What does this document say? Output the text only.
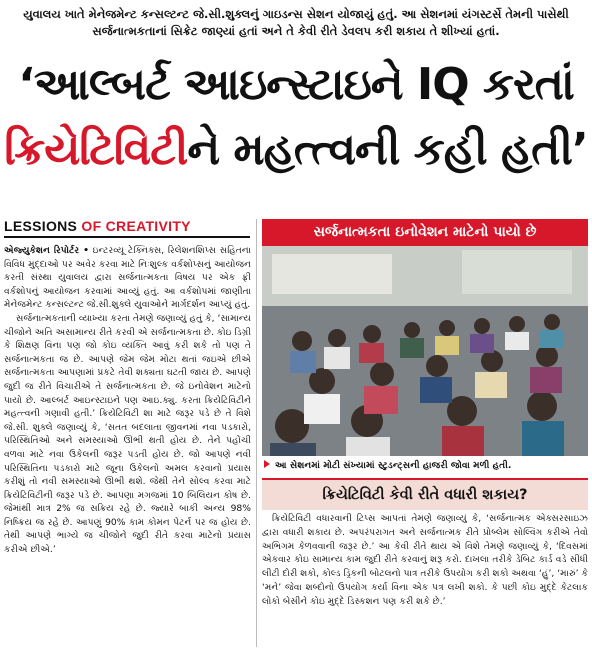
યુવાલય ખાતે મેનેજમેન્ટ કન્સલ્ટન્ટ જે.સી.શુક્લનું ગાઇડન્સ સેશન યોજાયું હતું. આ સેશનમાં યંગસ્ટર્સે તેમની પાસેથી સર્જનાત્મકતાનાં સિક્રેટ જાણ્યાં હતાં અને તે કેવી રીતે ડેવલપ કરી શકાય તે શીખ્યાં હતાં.
‘આલ્બર્ટ આઇન્સ્ટાઇને IQ કરતાં
ક્રિયેટિવિટીને મહત્ત્વની કહી હતી’
LESSIONS OF CREATIVITY

એજ્યુકેશન રિપોર્ટર • ઇન્ટરવ્યૂ ટેક્નિક્સ, રિલેશનશિપ્સ સહિતના વિવિધ મુદ્દાઓ પર અવેર કરવા માટે નિઃશુલ્ક વર્કશોપ્સનું આયોજન કરતી સંસ્થા યુવાલય દ્વારા સર્જનાત્મકતા વિષય પર એક ફ્રી વર્કશોપનું આયોજન કરવામાં આવ્યું હતું. આ વર્કશોપમાં જાણીતા મેનેજમેન્ટ કન્સલ્ટન્ટ જે.સી.શુક્લે યુવાઓને માર્ગદર્શન આપ્યું હતું.

સર્જનાત્મકતાની વ્યાખ્યા કરતા તેમણે જણાવ્યું હતું કે, ‘સામાન્ય ચીજોને અતિ અસામાન્ય રીતે કરવી એ સર્જનાત્મકતા છે. કોઇ ડિગ્રી કે શિક્ષણ વિના પણ જો કોઇ વ્યક્તિ આવું કરી શકે તો પણ તે સર્જનાત્મકતા જ છે. આપણે જેમ જેમ મોટા થતાં જઇએ છીએ સર્જનાત્મકતા આપણામાં પ્રકટે તેવી શક્યતા ઘટતી જાય છે. આપણે જુદી જ રીતે વિચારીએ તે સર્જનાત્મકતા છે. જે ઇનોવેશન માટેનો પાયો છે. આલ્બર્ટ આઇન્સ્ટાઇને પણ આઇ.ક્યુ. કરતા ક્રિયેટિવિટીને મહત્ત્વની ગણાવી હતી.’ ક્રિયેટિવિટી શા માટે જરૂર પડે છે તે વિશે જે.સી. શુક્લે જણાવ્યું કે, ‘સતત બદલાતા જીવનમાં નવા પડકારો, પરિસ્થિતિઓ અને સમસ્યાઓ ઊભી થતી હોય છે. તેને પહોંચી વળવા માટે નવા ઉકેલની જરૂર પડતી હોય છે. જો આપણે નવી પરિસ્થિતિના પડકારો માટે જૂના ઉકેલનો અમલ કરવાનો પ્રયાસ કરીશું તો નવી સમસ્યાઓ ઊભી થશે. જેથી તેને સોલ્વ કરવા માટે ક્રિયેટિવિટીની જરૂર પડે છે. આપણા મગજમાં 10 બિલિયન કોષ છે. જેમાંથી માત્ર 2% જ સક્રિય રહે છે. જ્યારે બાકી અન્ય 98% નિષ્ક્રિય જ રહે છે. આપણું 90% કામ કોમન પેટર્ન પર જ હોય છે. તેથી આપણે ભાગ્યે જ ચીજોને જુદી રીતે કરવા માટેનો પ્રયાસ કરીએ છીએ.’

સર્જનાત્મકતા ઇનોવેશન માટેનો પાયો છે
આ સેશનમાં મોટી સંખ્યામાં સ્ટુડન્ટ્સની હાજરી જોવા મળી હતી.
ક્રિયેટિવિટી કેવી રીતે વધારી શકાય?

ક્રિયેટિવિટી વધારવાની ટિપ્સ આપતાં તેમણે જણાવ્યું કે, ‘સર્જનાત્મક એક્સરસાઇઝ દ્વારા વધારી શકાય છે. અપરંપરાગત અને સર્જનાત્મક રીતે પ્રોબ્લેમ સોલ્વિંગ કરીએ તેવો અભિગમ કેળવવાની જરૂર છે.’ આ કેવી રીતે થાય એ વિશે તેમણે જણાવ્યું કે, ‘દિવસમાં એકવાર કોઇ સામાન્ય કામ જુદી રીતે કરવાનું શરૂ કરો. દાખલા તરીકે ડેબિટ કાર્ડ વડે સીધી લીટી દોરી શકો, કોલ્ડ ડ્રિંકની બોટલનો પાત્ર તરીકે ઉપયોગ કરી શકો અથવા ‘હું’, ‘મારું’ કે ‘મને’ જેવા શબ્દોનો ઉપયોગ કર્યા વિના એક પત્ર લખી શકો. કે પછી કોઇ મુદ્દે કેટલાક લોકો બેસીને કોઇ મુદ્દે ડિસ્કશન પણ કરી શકે છે.’
